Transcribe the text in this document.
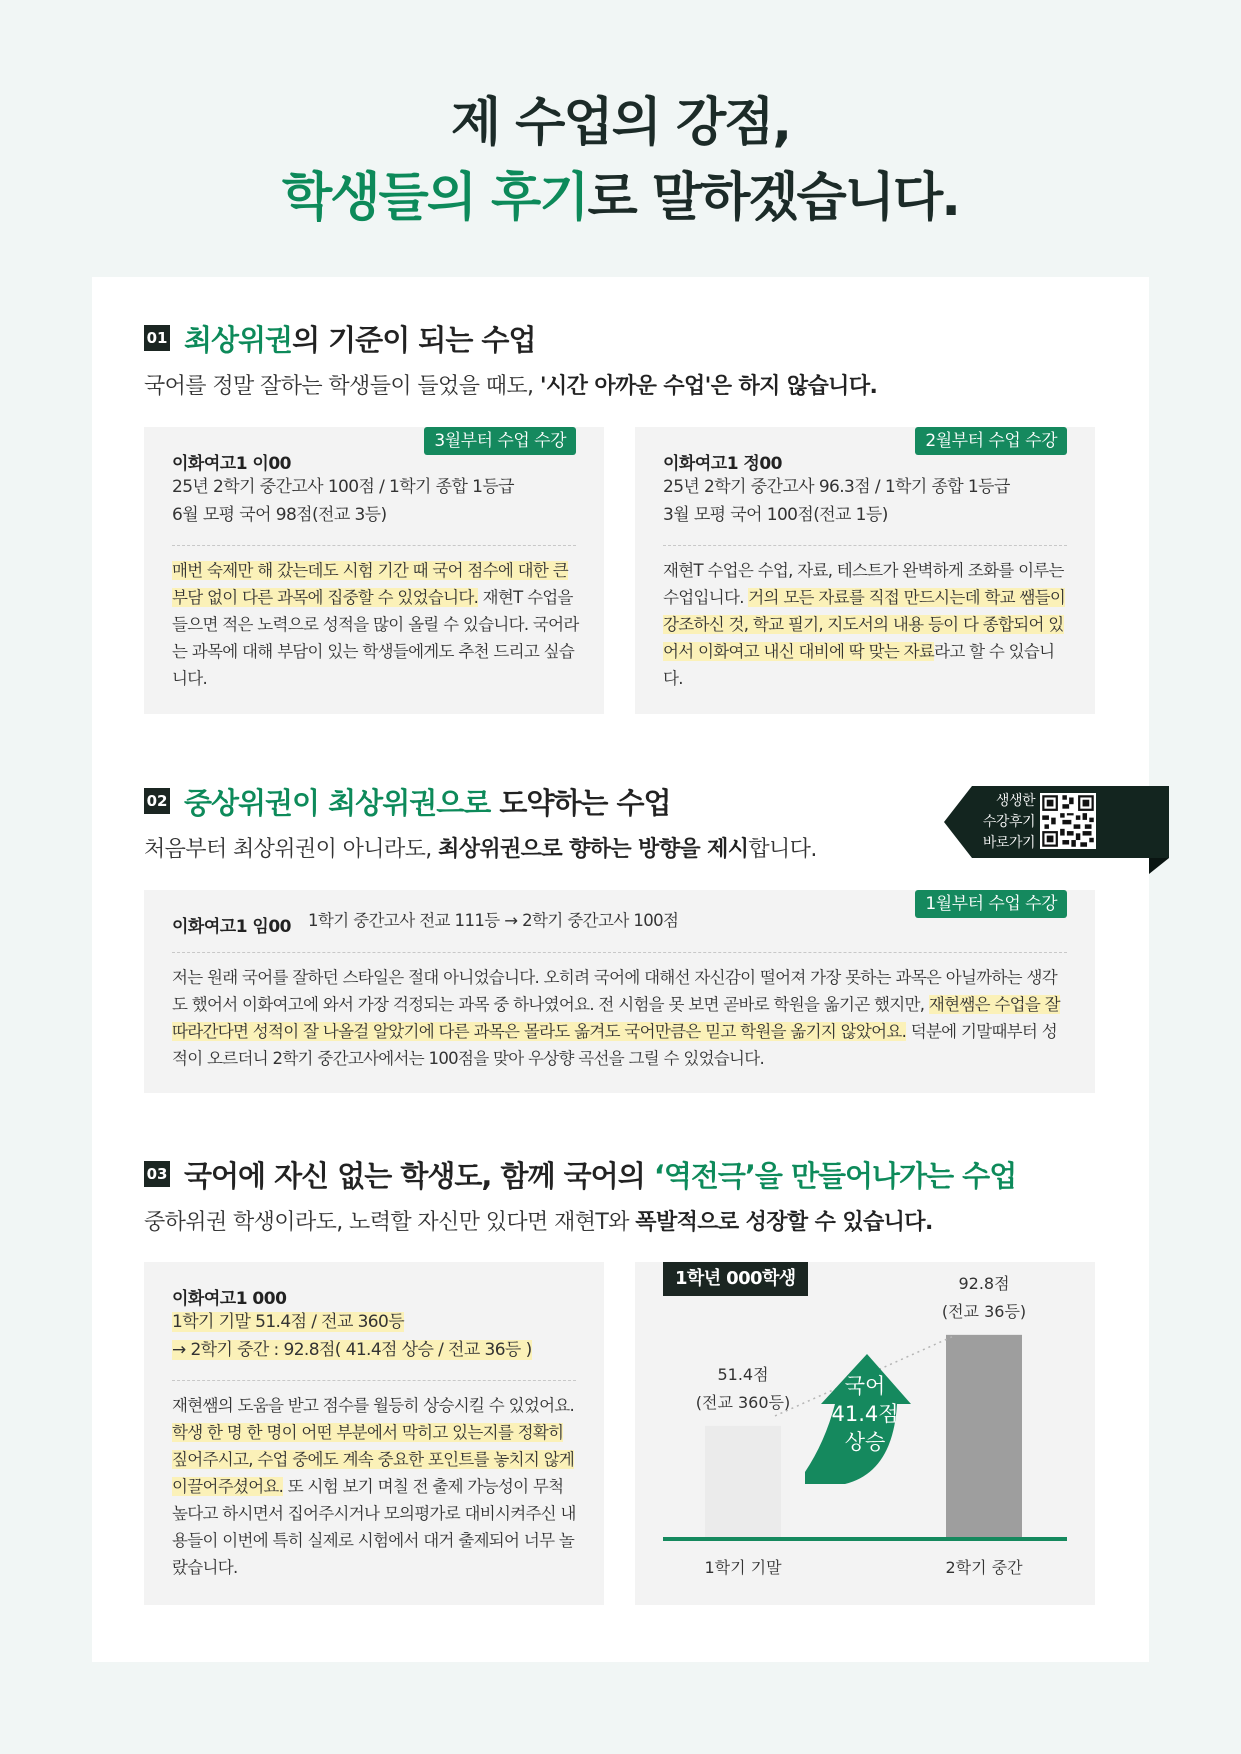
제 수업의 강점,
학생들의 후기로 말하겠습니다.
01 최상위권의 기준이 되는 수업
국어를 정말 잘하는 학생들이 들었을 때도, '시간 아까운 수업'은 하지 않습니다.
3월부터 수업 수강
이화여고1 이00
25년 2학기 중간고사 100점 / 1학기 종합 1등급
6월 모평 국어 98점(전교 3등)
매번 숙제만 해 갔는데도 시험 기간 때 국어 점수에 대한 큰 부담 없이 다른 과목에 집중할 수 있었습니다. 재현T 수업을 들으면 적은 노력으로 성적을 많이 올릴 수 있습니다. 국어라는 과목에 대해 부담이 있는 학생들에게도 추천 드리고 싶습니다.
2월부터 수업 수강
이화여고1 정00
25년 2학기 중간고사 96.3점 / 1학기 종합 1등급
3월 모평 국어 100점(전교 1등)
재현T 수업은 수업, 자료, 테스트가 완벽하게 조화를 이루는 수업입니다. 거의 모든 자료를 직접 만드시는데 학교 쌤들이 강조하신 것, 학교 필기, 지도서의 내용 등이 다 종합되어 있어서 이화여고 내신 대비에 딱 맞는 자료라고 할 수 있습니다.
02 중상위권이 최상위권으로 도약하는 수업
처음부터 최상위권이 아니라도, 최상위권으로 향하는 방향을 제시합니다.
1월부터 수업 수강
이화여고1 임00 1학기 중간고사 전교 111등 → 2학기 중간고사 100점
저는 원래 국어를 잘하던 스타일은 절대 아니었습니다. 오히려 국어에 대해선 자신감이 떨어져 가장 못하는 과목은 아닐까하는 생각도 했어서 이화여고에 와서 가장 걱정되는 과목 중 하나였어요. 전 시험을 못 보면 곧바로 학원을 옮기곤 했지만, 재현쌤은 수업을 잘 따라간다면 성적이 잘 나올걸 알았기에 다른 과목은 몰라도 옮겨도 국어만큼은 믿고 학원을 옮기지 않았어요. 덕분에 기말때부터 성적이 오르더니 2학기 중간고사에서는 100점을 맞아 우상향 곡선을 그릴 수 있었습니다.
03 국어에 자신 없는 학생도, 함께 국어의 ‘역전극’을 만들어나가는 수업
중하위권 학생이라도, 노력할 자신만 있다면 재현T와 폭발적으로 성장할 수 있습니다.
이화여고1 000
1학기 기말 51.4점 / 전교 360등
→ 2학기 중간 : 92.8점( 41.4점 상승 / 전교 36등 )
재현쌤의 도움을 받고 점수를 월등히 상승시킬 수 있었어요. 학생 한 명 한 명이 어떤 부분에서 막히고 있는지를 정확히 짚어주시고, 수업 중에도 계속 중요한 포인트를 놓치지 않게 이끌어주셨어요. 또 시험 보기 며칠 전 출제 가능성이 무척 높다고 하시면서 집어주시거나 모의평가로 대비시켜주신 내용들이 이번에 특히 실제로 시험에서 대거 출제되어 너무 놀랐습니다.
1학년 000학생
(전교 360등)
51.4점
1학기 기말
(전교 36등)
92.8점
2학기 중간
국어
41.4점
상승
생생한
수강후기
바로가기
